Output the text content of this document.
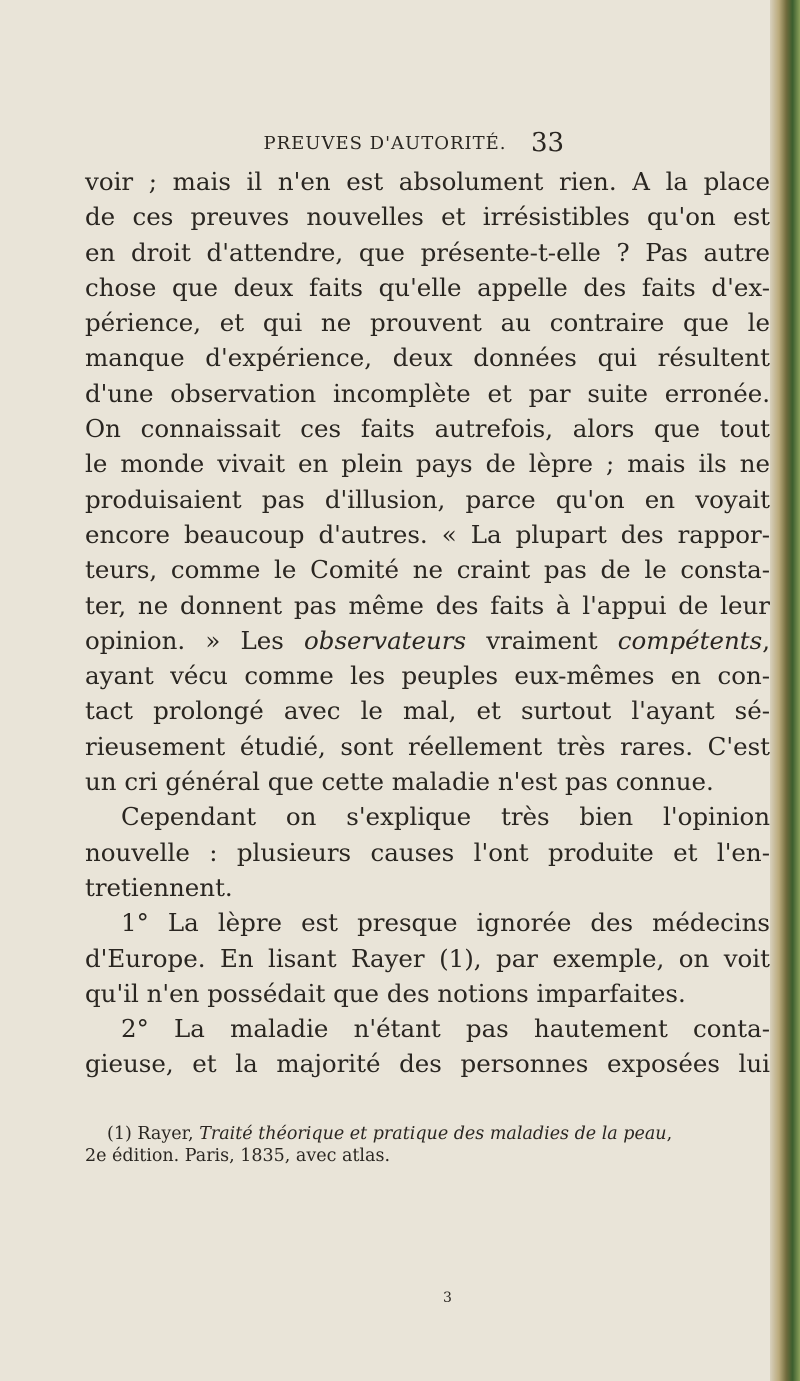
PREUVES D'AUTORITÉ. 33
voir ; mais il n'en est absolument rien. A la place
de ces preuves nouvelles et irrésistibles qu'on est
en droit d'attendre, que présente-t-elle ? Pas autre
chose que deux faits qu'elle appelle des faits d'ex-
périence, et qui ne prouvent au contraire que le
manque d'expérience, deux données qui résultent
d'une observation incomplète et par suite erronée.
On connaissait ces faits autrefois, alors que tout
le monde vivait en plein pays de lèpre ; mais ils ne
produisaient pas d'illusion, parce qu'on en voyait
encore beaucoup d'autres. « La plupart des rappor-
teurs, comme le Comité ne craint pas de le consta-
ter, ne donnent pas même des faits à l'appui de leur
opinion. » Les observateurs vraiment compétents,
ayant vécu comme les peuples eux-mêmes en con-
tact prolongé avec le mal, et surtout l'ayant sé-
rieusement étudié, sont réellement très rares. C'est
un cri général que cette maladie n'est pas connue.
Cependant on s'explique très bien l'opinion
nouvelle : plusieurs causes l'ont produite et l'en-
tretiennent.
1° La lèpre est presque ignorée des médecins
d'Europe. En lisant Rayer (1), par exemple, on voit
qu'il n'en possédait que des notions imparfaites.
2° La maladie n'étant pas hautement conta-
gieuse, et la majorité des personnes exposées lui
(1) Rayer, Traité théorique et pratique des maladies de la peau,
2e édition. Paris, 1835, avec atlas.
3
